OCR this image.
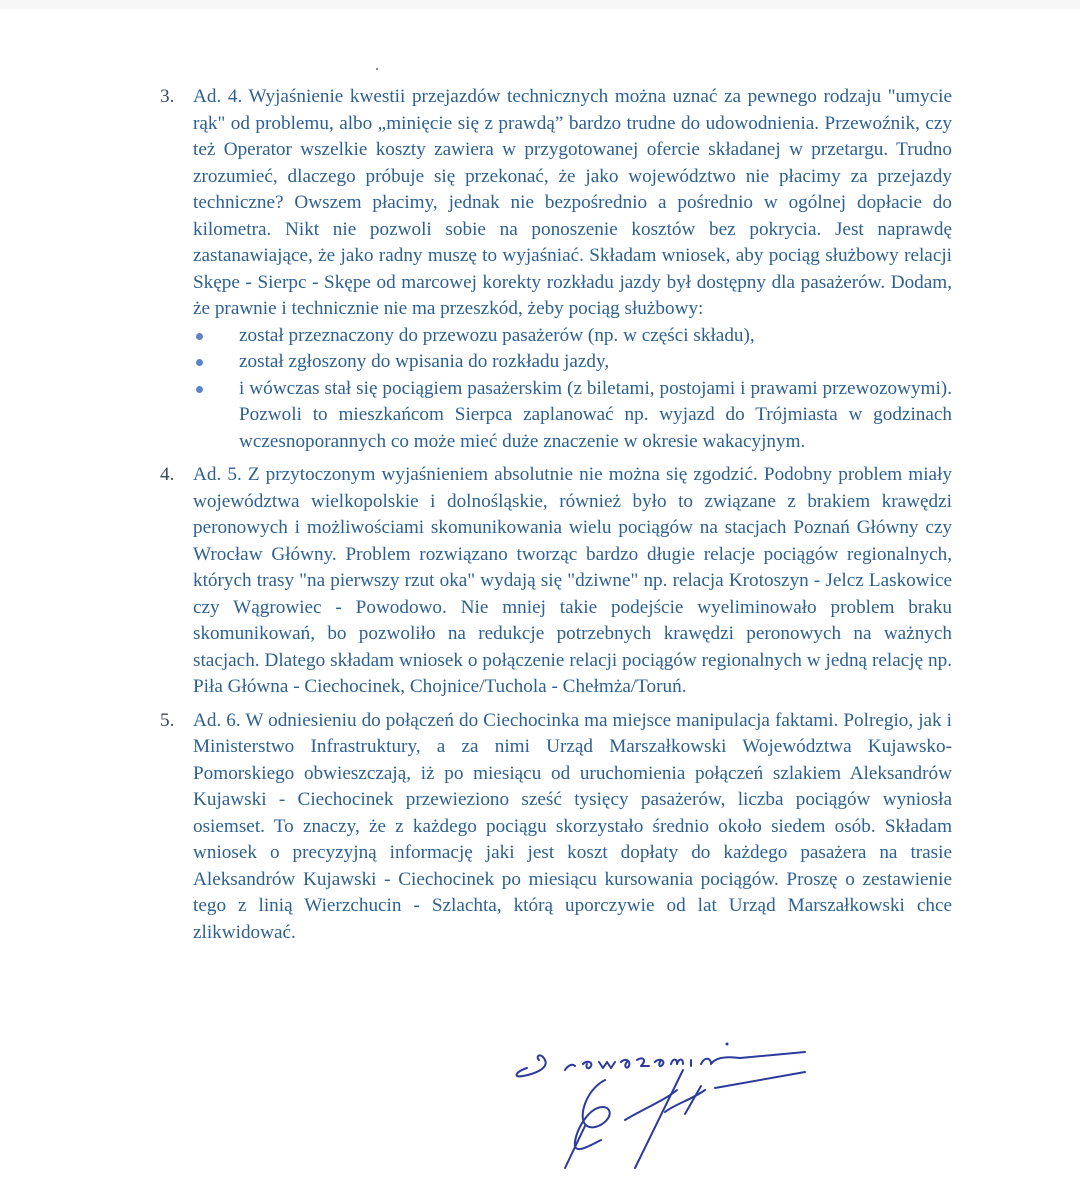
3. Ad. 4. Wyjaśnienie kwestii przejazdów technicznych można uznać za pewnego rodzaju "umycie rąk" od problemu, albo „minięcie się z prawdą” bardzo trudne do udowodnienia. Przewoźnik, czy też Operator wszelkie koszty zawiera w przygotowanej ofercie składanej w przetargu. Trudno zrozumieć, dlaczego próbuje się przekonać, że jako województwo nie płacimy za przejazdy techniczne? Owszem płacimy, jednak nie bezpośrednio a pośrednio w ogólnej dopłacie do kilometra. Nikt nie pozwoli sobie na ponoszenie kosztów bez pokrycia. Jest naprawdę zastanawiające, że jako radny muszę to wyjaśniać. Składam wniosek, aby pociąg służbowy relacji Skępe - Sierpc - Skępe od marcowej korekty rozkładu jazdy był dostępny dla pasażerów. Dodam, że prawnie i technicznie nie ma przeszkód, żeby pociąg służbowy:
został przeznaczony do przewozu pasażerów (np. w części składu),
został zgłoszony do wpisania do rozkładu jazdy,
i wówczas stał się pociągiem pasażerskim (z biletami, postojami i prawami przewozowymi). Pozwoli to mieszkańcom Sierpca zaplanować np. wyjazd do Trójmiasta w godzinach wczesnoporannych co może mieć duże znaczenie w okresie wakacyjnym.
4. Ad. 5. Z przytoczonym wyjaśnieniem absolutnie nie można się zgodzić. Podobny problem miały województwa wielkopolskie i dolnośląskie, również było to związane z brakiem krawędzi peronowych i możliwościami skomunikowania wielu pociągów na stacjach Poznań Główny czy Wrocław Główny. Problem rozwiązano tworząc bardzo długie relacje pociągów regionalnych, których trasy "na pierwszy rzut oka" wydają się "dziwne" np. relacja Krotoszyn - Jelcz Laskowice czy Wągrowiec - Powodowo. Nie mniej takie podejście wyeliminowało problem braku skomunikowań, bo pozwoliło na redukcje potrzebnych krawędzi peronowych na ważnych stacjach. Dlatego składam wniosek o połączenie relacji pociągów regionalnych w jedną relację np. Piła Główna - Ciechocinek, Chojnice/Tuchola - Chełmża/Toruń.
5. Ad. 6. W odniesieniu do połączeń do Ciechocinka ma miejsce manipulacja faktami. Polregio, jak i Ministerstwo Infrastruktury, a za nimi Urząd Marszałkowski Województwa Kujawsko-Pomorskiego obwieszczają, iż po miesiącu od uruchomienia połączeń szlakiem Aleksandrów Kujawski - Ciechocinek przewieziono sześć tysięcy pasażerów, liczba pociągów wyniosła osiemset. To znaczy, że z każdego pociągu skorzystało średnio około siedem osób. Składam wniosek o precyzyjną informację jaki jest koszt dopłaty do każdego pasażera na trasie Aleksandrów Kujawski - Ciechocinek po miesiącu kursowania pociągów. Proszę o zestawienie tego z linią Wierzchucin - Szlachta, którą uporczywie od lat Urząd Marszałkowski chce zlikwidować.
